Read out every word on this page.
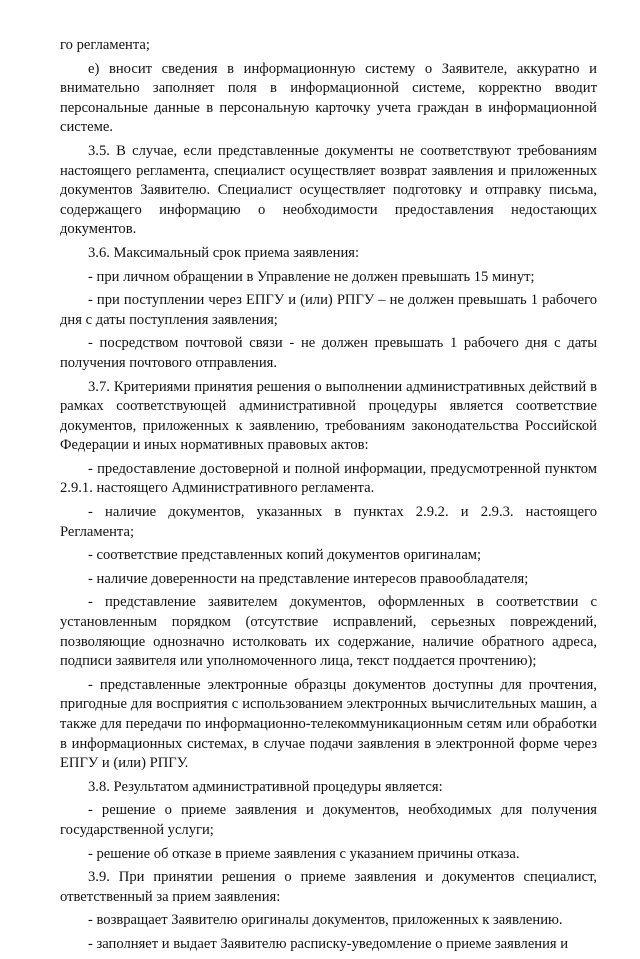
го регламента;

е) вносит сведения в информационную систему о Заявителе, аккуратно и внимательно заполняет поля в информационной системе, корректно вводит персональные данные в персональную карточку учета граждан в информационной системе.

3.5. В случае, если представленные документы не соответствуют требованиям настоящего регламента, специалист осуществляет возврат заявления и приложенных документов Заявителю. Специалист осуществляет подготовку и отправку письма, содержащего информацию о необходимости предоставления недостающих документов.

3.6. Максимальный срок приема заявления:

- при личном обращении в Управление не должен превышать 15 минут;

- при поступлении через ЕПГУ и (или) РПГУ – не должен превышать 1 рабочего дня с даты поступления заявления;

- посредством почтовой связи - не должен превышать 1 рабочего дня с даты получения почтового отправления.

3.7. Критериями принятия решения о выполнении административных действий в рамках соответствующей административной процедуры является соответствие документов, приложенных к заявлению, требованиям законодательства Российской Федерации и иных нормативных правовых актов:

- предоставление достоверной и полной информации, предусмотренной пунктом 2.9.1. настоящего Административного регламента.

- наличие документов, указанных в пунктах 2.9.2. и 2.9.3. настоящего Регламента;

- соответствие представленных копий документов оригиналам;

- наличие доверенности на представление интересов правообладателя;

- представление заявителем документов, оформленных в соответствии с установленным порядком (отсутствие исправлений, серьезных повреждений, позволяющие однозначно истолковать их содержание, наличие обратного адреса, подписи заявителя или уполномоченного лица, текст поддается прочтению);

- представленные электронные образцы документов доступны для прочтения, пригодные для восприятия с использованием электронных вычислительных машин, а также для передачи по информационно-телекоммуникационным сетям или обработки в информационных системах, в случае подачи заявления в электронной форме через ЕПГУ и (или) РПГУ.

3.8. Результатом административной процедуры является:

- решение о приеме заявления и документов, необходимых для получения государственной услуги;

- решение об отказе в приеме заявления с указанием причины отказа.

3.9. При принятии решения о приеме заявления и документов специалист, ответственный за прием заявления:

- возвращает Заявителю оригиналы документов, приложенных к заявлению.

- заполняет и выдает Заявителю расписку-уведомление о приеме заявления и
